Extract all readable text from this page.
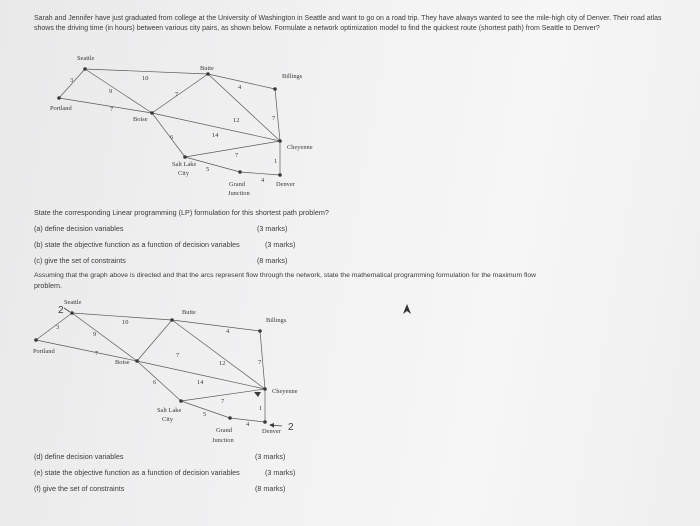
Sarah and Jennifer have just graduated from college at the University of Washington in Seattle and want to go on a road trip. They have always wanted to see the mile-high city of Denver. Their road atlas shows the driving time (in hours) between various city pairs, as shown below. Formulate a network optimization model to find the quickest route (shortest path) from Seattle to Denver?
Seattle
Butte
Billings
Portland
Boise
Cheyenne
Salt Lake
City
Grand
Junction
Denver
10
3
9
7
4
7
12	7
6	14
7
5
4
1
State the corresponding Linear programming (LP) formulation for this shortest path problem?
(a) define decision variables	(3 marks)
(b) state the objective function as a function of decision variables	(3 marks)
(c) give the set of constraints	(8 marks)
Assuming that the graph above is directed and that the arcs represent flow through the network, state the mathematical programming formulation for the maximum flow
problem.
Seattle
Butte
Billings
Portland
Boise
Cheyenne
Salt Lake
City
Grand
Junction
Denver
10
3
9
7
4
7
12	7
6	14
7
5
4
1
2
2
(d) define decision variables	(3 marks)
(e) state the objective function as a function of decision variables	(3 marks)
(f) give the set of constraints	(8 marks)
